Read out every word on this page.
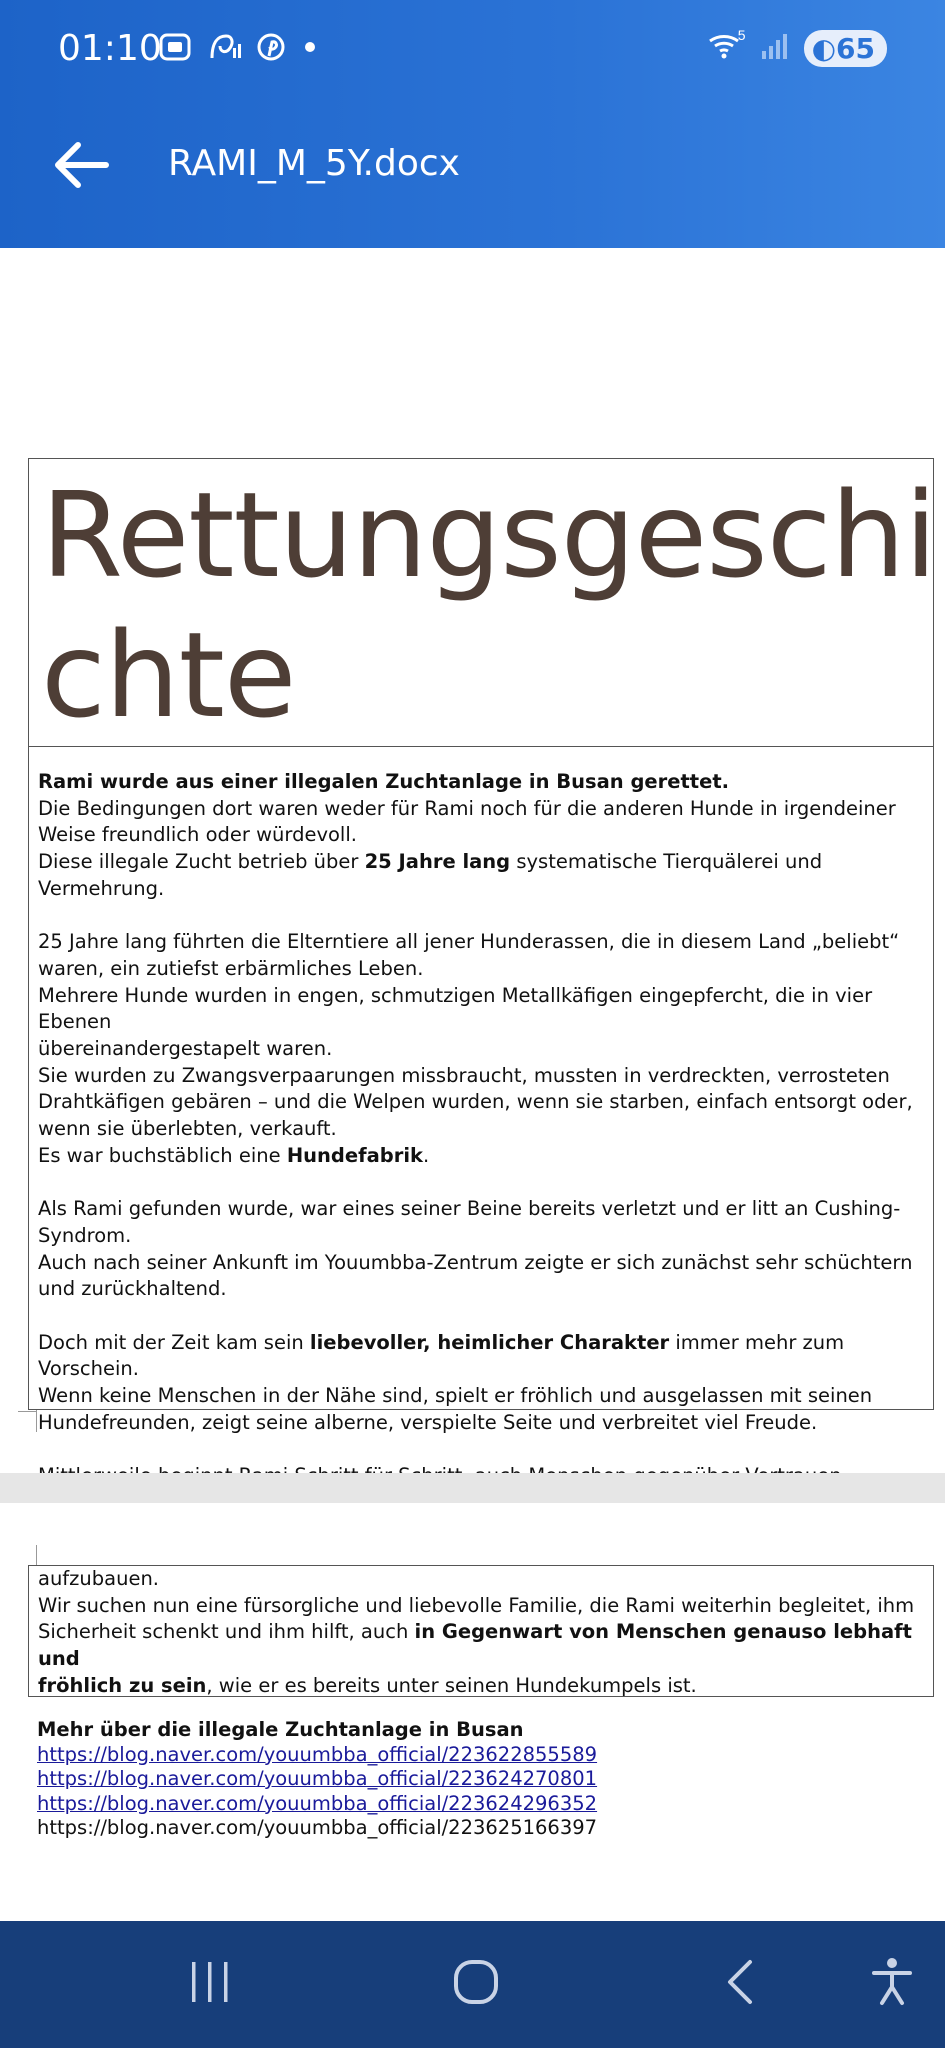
01:10	5 ◐65
RAMI_M_5Y.docx

Rettungsgeschi
chte

Rami wurde aus einer illegalen Zuchtanlage in Busan gerettet.

Die Bedingungen dort waren weder für Rami noch für die anderen Hunde in irgendeiner
Weise freundlich oder würdevoll.

Diese illegale Zucht betrieb über 25 Jahre lang systematische Tierquälerei und Vermehrung.

25 Jahre lang führten die Elterntiere all jener Hunderassen, die in diesem Land „beliebt“
waren, ein zutiefst erbärmliches Leben.

Mehrere Hunde wurden in engen, schmutzigen Metallkäfigen eingepfercht, die in vier Ebenen
übereinandergestapelt waren.

Sie wurden zu Zwangsverpaarungen missbraucht, mussten in verdreckten, verrosteten
Drahtkäfigen gebären – und die Welpen wurden, wenn sie starben, einfach entsorgt oder,
wenn sie überlebten, verkauft.

Es war buchstäblich eine Hundefabrik.

Als Rami gefunden wurde, war eines seiner Beine bereits verletzt und er litt an Cushing-
Syndrom.

Auch nach seiner Ankunft im Youumbba-Zentrum zeigte er sich zunächst sehr schüchtern
und zurückhaltend.

Doch mit der Zeit kam sein liebevoller, heimlicher Charakter immer mehr zum Vorschein.

Wenn keine Menschen in der Nähe sind, spielt er fröhlich und ausgelassen mit seinen
Hundefreunden, zeigt seine alberne, verspielte Seite und verbreitet viel Freude.

aufzubauen.

Wir suchen nun eine fürsorgliche und liebevolle Familie, die Rami weiterhin begleitet, ihm
Sicherheit schenkt und ihm hilft, auch in Gegenwart von Menschen genauso lebhaft und
fröhlich zu sein, wie er es bereits unter seinen Hundekumpels ist.

Mehr über die illegale Zuchtanlage in Busan
https://blog.naver.com/youumbba_official/223622855589
https://blog.naver.com/youumbba_official/223624270801
https://blog.naver.com/youumbba_official/223624296352
https://blog.naver.com/youumbba_official/223625166397
